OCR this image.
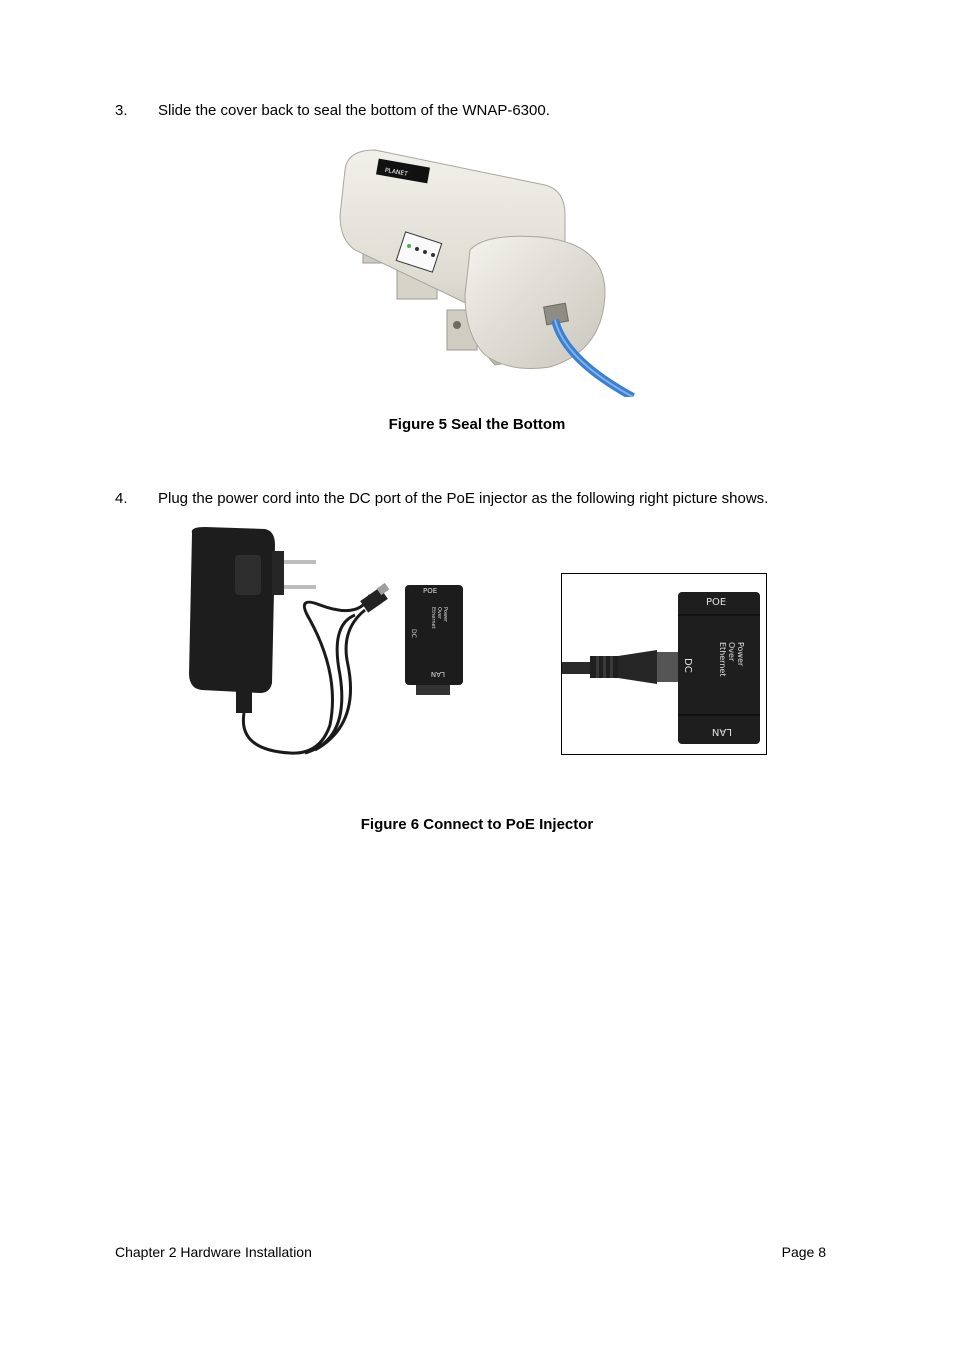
3. Slide the cover back to seal the bottom of the WNAP-6300.
PLANET
Figure 5 Seal the Bottom
4. Plug the power cord into the DC port of the PoE injector as the following right picture shows.
POE
LAN
DC
Power
Over
Ethernet
POE
LAN
DC	Power
Over
Ethernet
Figure 6 Connect to PoE Injector
Chapter 2 Hardware Installation	Page 8
